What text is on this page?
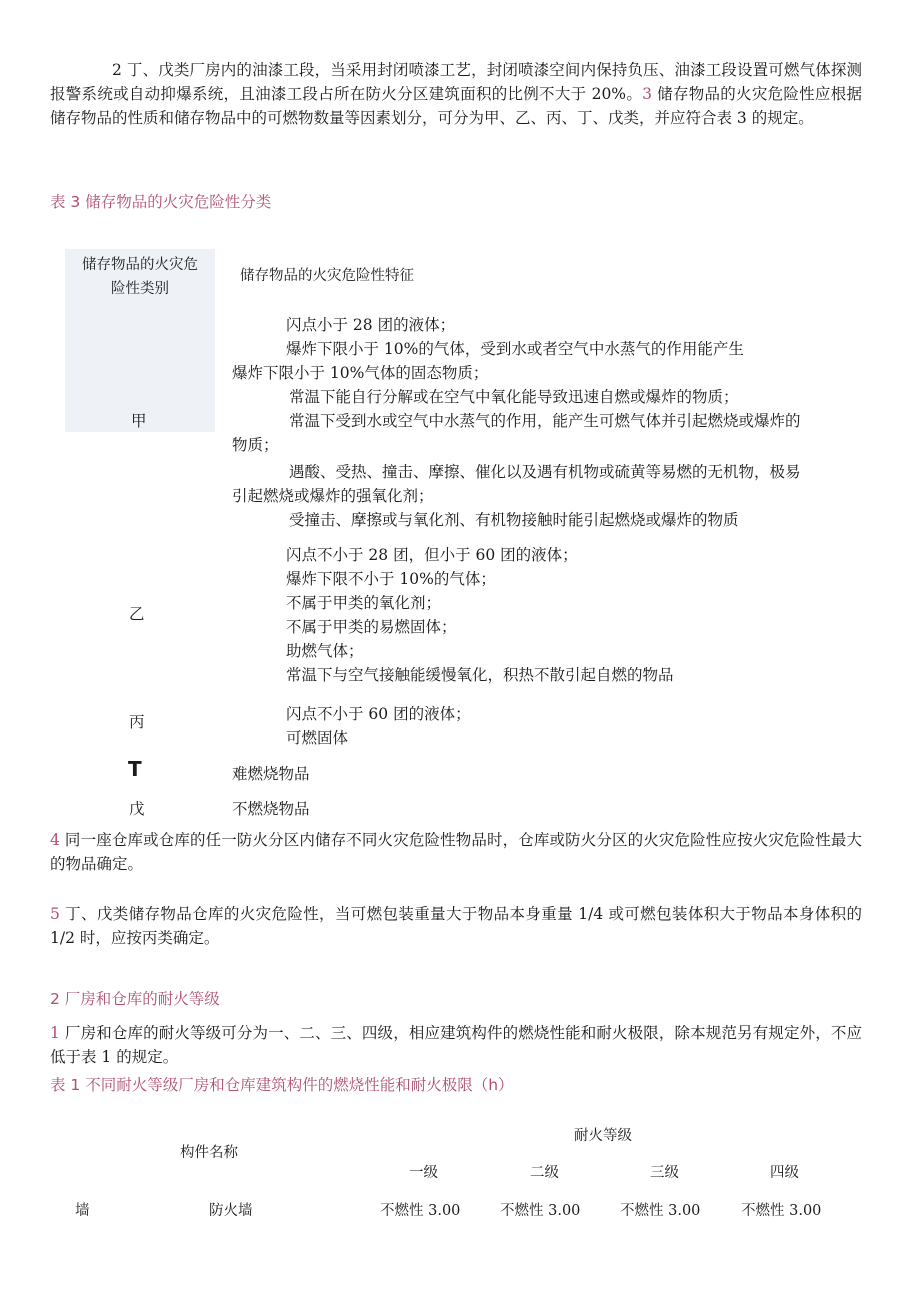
2 丁、戊类厂房内的油漆工段，当采用封闭喷漆工艺，封闭喷漆空间内保持负压、油漆工段设置可燃气体探测报警系统或自动抑爆系统，且油漆工段占所在防火分区建筑面积的比例不大于 20%。3 储存物品的火灾危险性应根据储存物品的性质和储存物品中的可燃物数量等因素划分，可分为甲、乙、丙、丁、戊类，并应符合表 3 的规定。
表 3 储存物品的火灾危险性分类
储存物品的火灾危
险性类别
储存物品的火灾危险性特征
甲
闪点小于 28 团的液体；
爆炸下限小于 10%的气体，受到水或者空气中水蒸气的作用能产生
爆炸下限小于 10%气体的固态物质；
常温下能自行分解或在空气中氧化能导致迅速自燃或爆炸的物质；
常温下受到水或空气中水蒸气的作用，能产生可燃气体并引起燃烧或爆炸的
物质；
遇酸、受热、撞击、摩擦、催化以及遇有机物或硫黄等易燃的无机物，极易
引起燃烧或爆炸的强氧化剂；
受撞击、摩擦或与氧化剂、有机物接触时能引起燃烧或爆炸的物质
乙
闪点不小于 28 团，但小于 60 团的液体；
爆炸下限不小于 10%的气体；
不属于甲类的氧化剂；
不属于甲类的易燃固体；
助燃气体；
常温下与空气接触能缓慢氧化，积热不散引起自燃的物品
丙	闪点不小于 60 团的液体；
可燃固体
T	难燃烧物品
戊	不燃烧物品
4 同一座仓库或仓库的任一防火分区内储存不同火灾危险性物品时，仓库或防火分区的火灾危险性应按火灾危险性最大的物品确定。
5 丁、戊类储存物品仓库的火灾危险性，当可燃包装重量大于物品本身重量 1/4 或可燃包装体积大于物品本身体积的 1/2 时，应按丙类确定。
2 厂房和仓库的耐火等级
1 厂房和仓库的耐火等级可分为一、二、三、四级，相应建筑构件的燃烧性能和耐火极限，除本规范另有规定外，不应低于表 1 的规定。
表 1 不同耐火等级厂房和仓库建筑构件的燃烧性能和耐火极限（h）
耐火等级
构件名称
一级	二级	三级	四级
墙	防火墙	不燃性 3.00	不燃性 3.00	不燃性 3.00	不燃性 3.00
